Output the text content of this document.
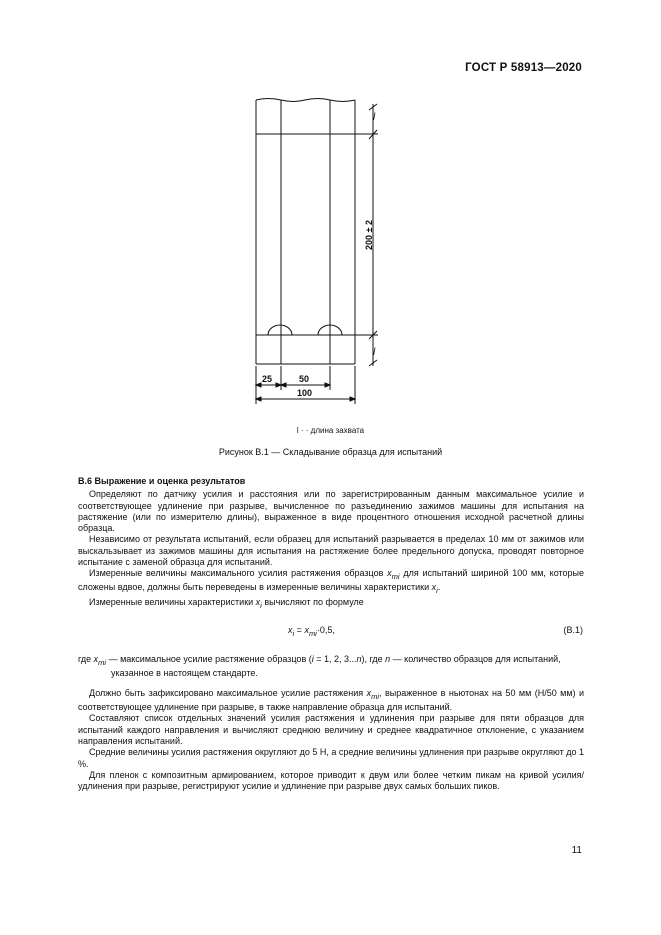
ГОСТ Р 58913—2020
l
l
200 ± 2
25	50
100
l · · длина захвата
Рисунок В.1 — Складывание образца для испытаний

В.6 Выражение и оценка результатов

Определяют по датчику усилия и расстояния или по зарегистрированным данным максимальное усилие и соответствующее удлинение при разрыве, вычисленное по разъединению зажимов машины для испытания на растяжение (или по измерителю длины), выраженное в виде процентного отношения исходной расчетной длины образца.

Независимо от результата испытаний, если образец для испытаний разрывается в пределах 10 мм от зажимов или выскальзывает из зажимов машины для испытания на растяжение более предельного допуска, проводят повторное испытание с заменой образца для испытаний.

Измеренные величины максимального усилия растяжения образцов $x_{mi}$ для испытаний шириной 100 мм, которые сложены вдвое, должны быть переведены в измеренные величины характеристики $x_i$.

Измеренные величины характеристики $x_i$ вычисляют по формуле

$x_i = x_{mi}\cdot 0,5$,	(В.1)
где $x_{mi}$ — максимальное усилие растяжение образцов (i = 1, 2, 3...n), где n — количество образцов для испытаний,
указанное в настоящем стандарте.

Должно быть зафиксировано максимальное усилие растяжения $x_{mi}$, выраженное в ньютонах на 50 мм (Н/50 мм) и соответствующее удлинение при разрыве, в также направление образца для испытаний.

Составляют список отдельных значений усилия растяжения и удлинения при разрыве для пяти образцов для испытаний каждого направления и вычисляют среднюю величину и среднее квадратичное отклонение, с указанием направления испытаний.

Средние величины усилия растяжения округляют до 5 Н, а средние величины удлинения при разрыве округляют до 1 %.

Для пленок с композитным армированием, которое приводит к двум или более четким пикам на кривой усилия/удлинения при разрыве, регистрируют усилие и удлинение при разрыве двух самых больших пиков.

11
